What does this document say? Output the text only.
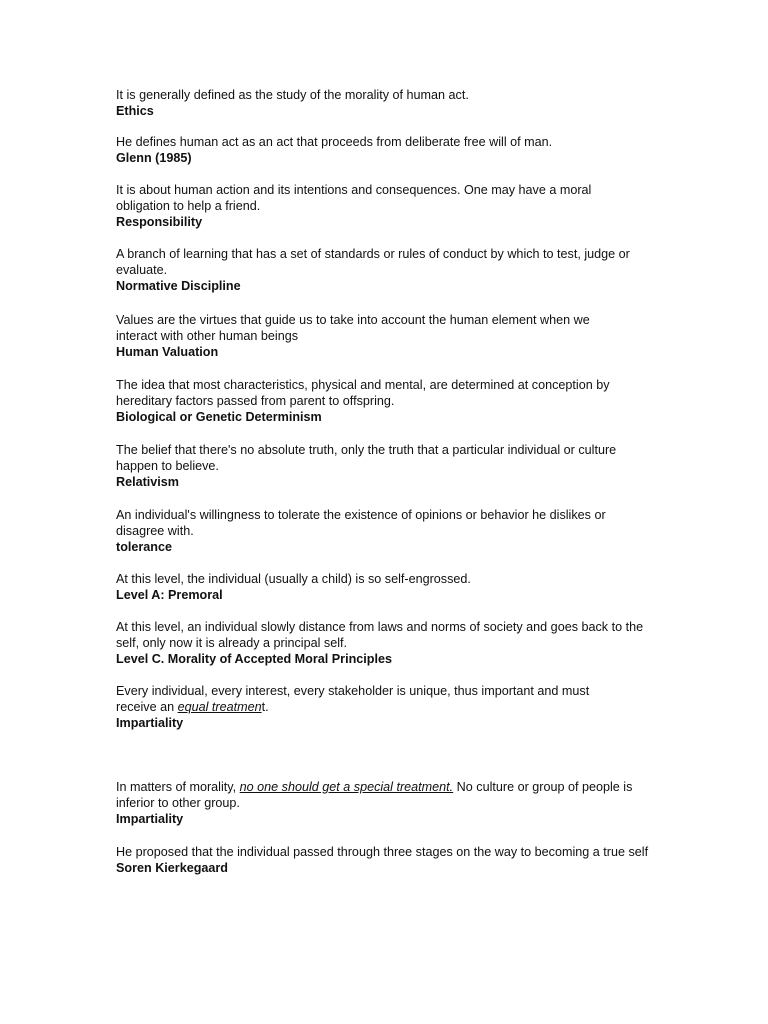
It is generally defined as the study of the morality of human act.

Ethics

He defines human act as an act that proceeds from deliberate free will of man.

Glenn (1985)

It is about human action and its intentions and consequences. One may have a moral obligation to help a friend.

Responsibility

A branch of learning that has a set of standards or rules of conduct by which to test, judge or evaluate.

Normative Discipline

Values are the virtues that guide us to take into account the human element when we interact with other human beings

Human Valuation

The idea that most characteristics, physical and mental, are determined at conception by hereditary factors passed from parent to offspring.

Biological or Genetic Determinism

The belief that there's no absolute truth, only the truth that a particular individual or culture happen to believe.

Relativism

An individual's willingness to tolerate the existence of opinions or behavior he dislikes or disagree with.

tolerance

At this level, the individual (usually a child) is so self-engrossed.

Level A: Premoral

At this level, an individual slowly distance from laws and norms of society and goes back to the self, only now it is already a principal self.

Level C. Morality of Accepted Moral Principles

Every individual, every interest, every stakeholder is unique, thus important and must receive an equal treatment.

Impartiality

In matters of morality, no one should get a special treatment. No culture or group of people is inferior to other group.

Impartiality

He proposed that the individual passed through three stages on the way to becoming a true self

Soren Kierkegaard
